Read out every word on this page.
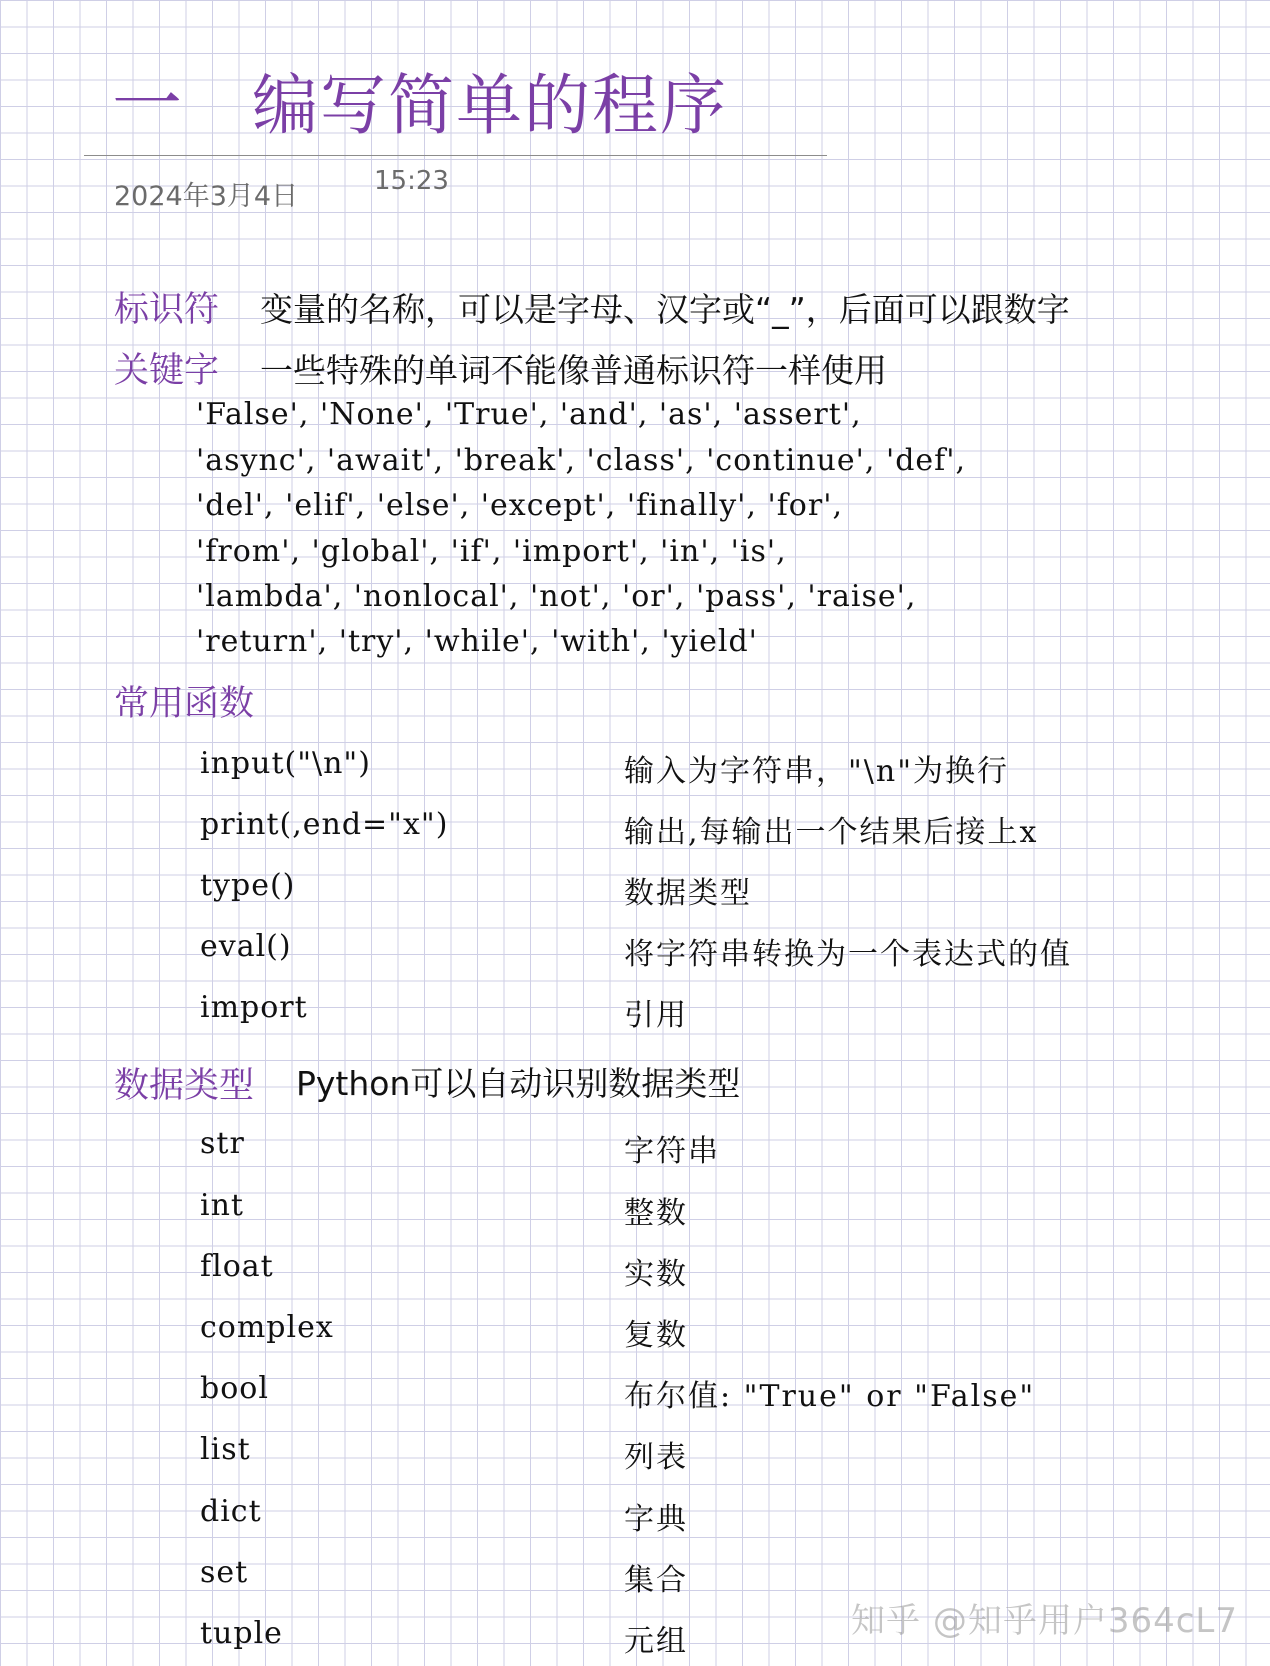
一 编写简单的程序
2024年3月4日	15:23
标识符 变量的名称，可以是字母、汉字或“_”，后面可以跟数字
关键字 一些特殊的单词不能像普通标识符一样使用
'False', 'None', 'True', 'and', 'as', 'assert',
'async', 'await', 'break', 'class', 'continue', 'def',
'del', 'elif', 'else', 'except', 'finally', 'for',
'from', 'global', 'if', 'import', 'in', 'is',
'lambda', 'nonlocal', 'not', 'or', 'pass', 'raise',
'return', 'try', 'while', 'with', 'yield'
常用函数
input("\n")	输入为字符串，"\n"为换行
print(,end="x")	输出,每输出一个结果后接上x
type()	数据类型
eval()	将字符串转换为一个表达式的值
import	引用
数据类型 Python可以自动识别数据类型
str	字符串
int	整数
float	实数
complex	复数
bool	布尔值: "True" or "False"
list	列表
dict	字典
set	集合
tuple	元组
知乎 @知乎用户364cL7
